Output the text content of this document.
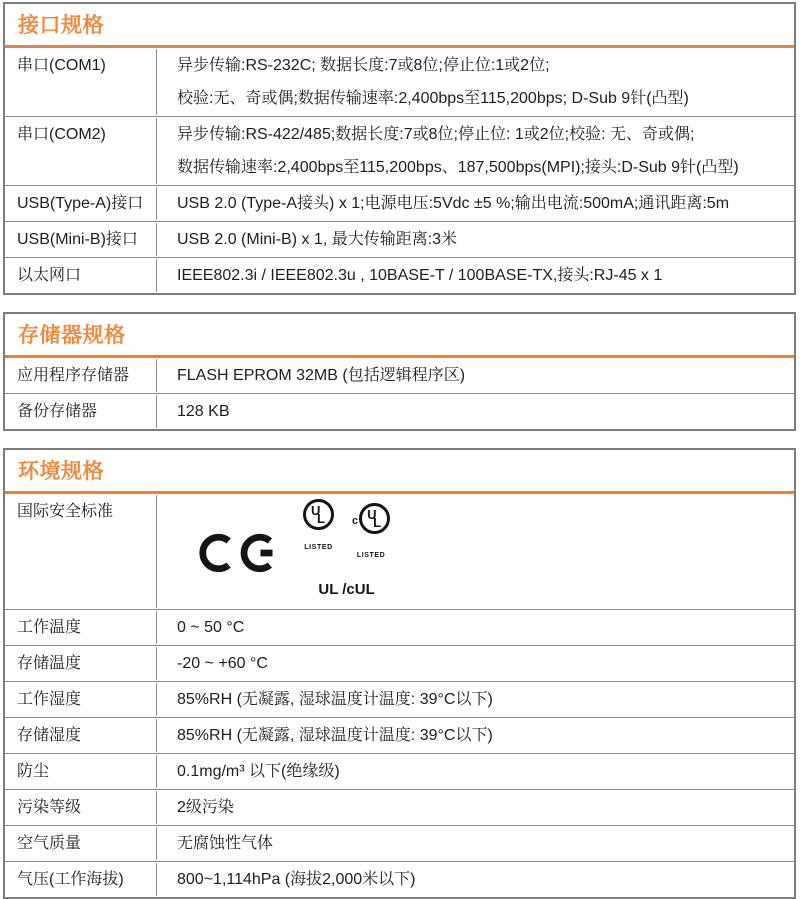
接口规格
串口(COM1)	异步传输:RS-232C; 数据长度:7或8位;停止位:1或2位;
校验:无、奇或偶;数据传输速率:2,400bps至115,200bps; D-Sub 9针(凸型)
串口(COM2)	异步传输:RS-422/485;数据长度:7或8位;停止位: 1或2位;校验: 无、奇或偶;
数据传输速率:2,400bps至115,200bps、187,500bps(MPI);接头:D-Sub 9针(凸型)
USB(Type-A)接口	USB 2.0 (Type-A接头) x 1;电源电压:5Vdc ±5 %;输出电流:500mA;通讯距离:5m
USB(Mini-B)接口	USB 2.0 (Mini-B) x 1, 最大传输距离:3米
以太网口	IEEE802.3i / IEEE802.3u , 10BASE-T / 100BASE-TX,接头:RJ-45 x 1
存储器规格
应用程序存储器	FLASH EPROM 32MB (包括逻辑程序区)
备份存储器	128 KB
环境规格
国际安全标准	U
L
LISTED
c U
L
LISTED
UL /cUL
工作温度	0 ~ 50 °C
存储温度	-20 ~ +60 °C
工作湿度	85%RH (无凝露, 湿球温度计温度: 39°C以下)
存储湿度	85%RH (无凝露, 湿球温度计温度: 39°C以下)
防尘	0.1mg/m³ 以下(绝缘级)
污染等级	2级污染
空气质量	无腐蚀性气体
气压(工作海拔)	800~1,114hPa (海拔2,000米以下)
